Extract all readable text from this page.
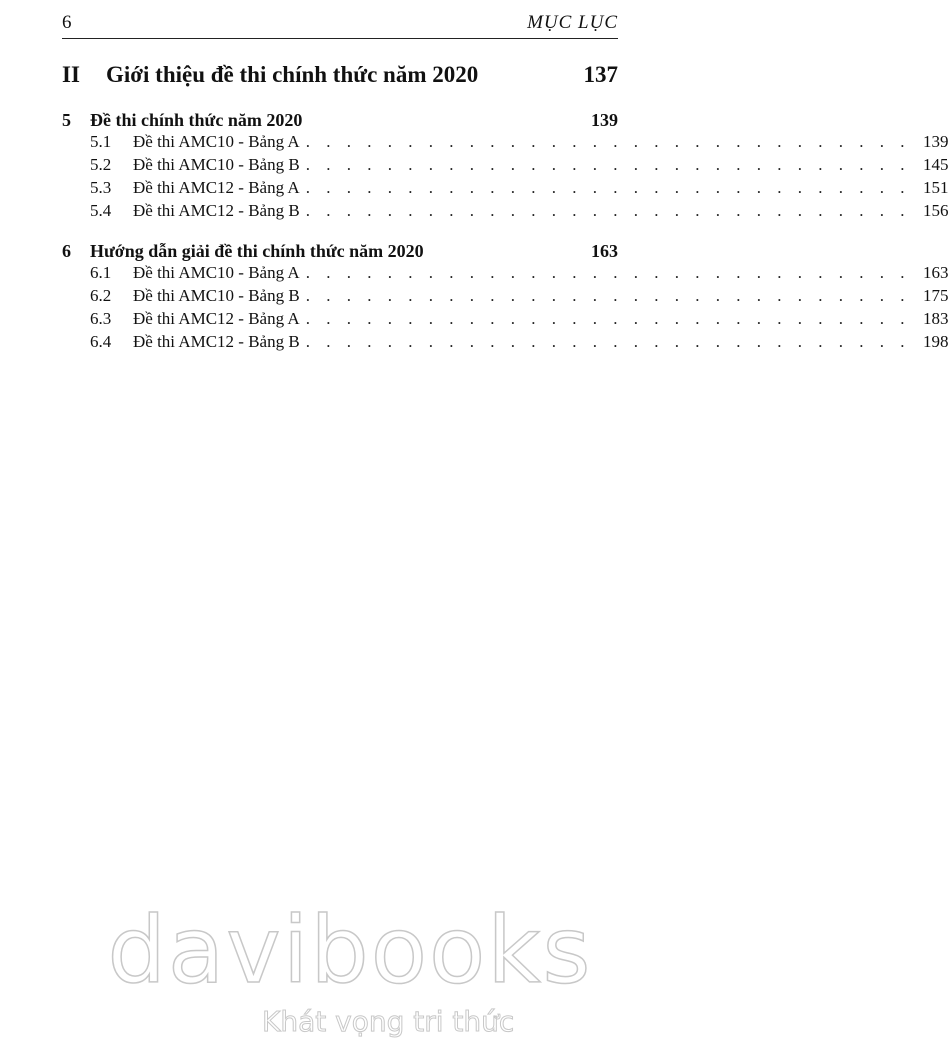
6	MỤC LỤC
II Giới thiệu đề thi chính thức năm 2020	137
5 Đề thi chính thức năm 2020	139
5.1	Đề thi AMC10 - Bảng A . . . . . . . . . . . . . . . . . . . . . . . . . . . . . . 139
5.2	Đề thi AMC10 - Bảng B . . . . . . . . . . . . . . . . . . . . . . . . . . . . . . 145
5.3	Đề thi AMC12 - Bảng A . . . . . . . . . . . . . . . . . . . . . . . . . . . . . . 151
5.4	Đề thi AMC12 - Bảng B . . . . . . . . . . . . . . . . . . . . . . . . . . . . . . 156
6 Hướng dẫn giải đề thi chính thức năm 2020	163
6.1	Đề thi AMC10 - Bảng A . . . . . . . . . . . . . . . . . . . . . . . . . . . . . . 163
6.2	Đề thi AMC10 - Bảng B . . . . . . . . . . . . . . . . . . . . . . . . . . . . . . 175
6.3	Đề thi AMC12 - Bảng A . . . . . . . . . . . . . . . . . . . . . . . . . . . . . . 183
6.4	Đề thi AMC12 - Bảng B . . . . . . . . . . . . . . . . . . . . . . . . . . . . . . 198
davibooks
Khát vọng tri thức
